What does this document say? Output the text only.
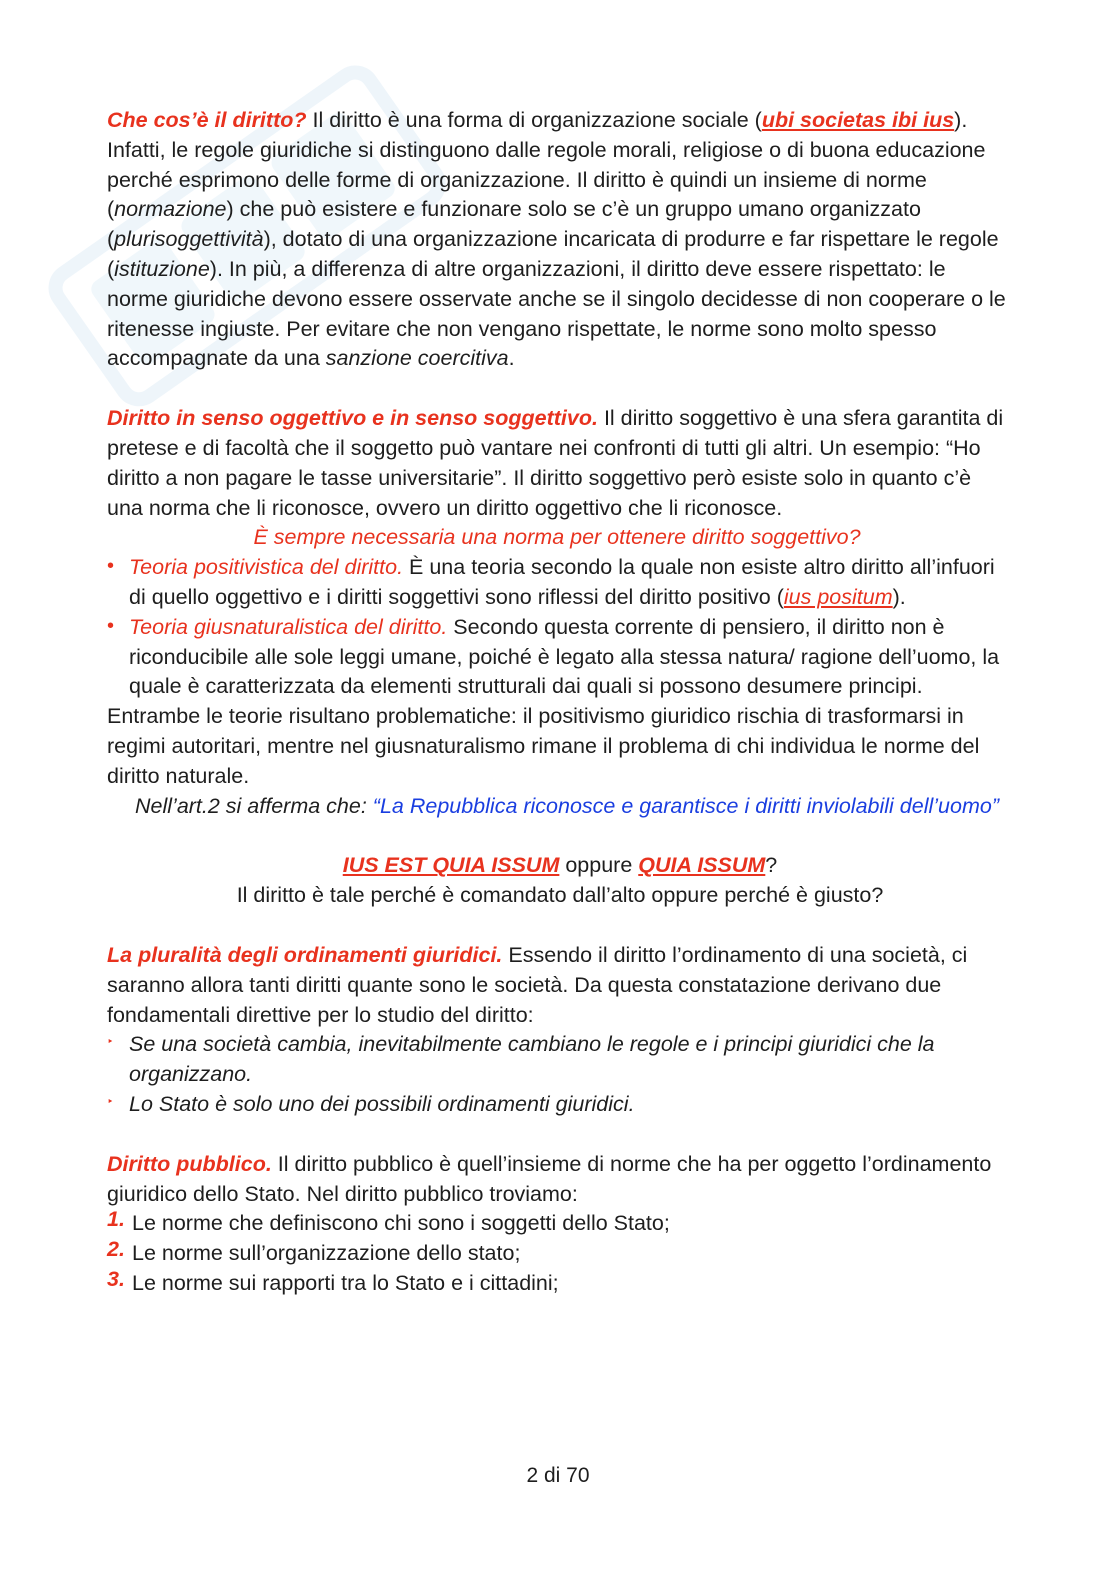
Che cos’è il diritto? Il diritto è una forma di organizzazione sociale (ubi societas ibi ius). Infatti, le regole giuridiche si distinguono dalle regole morali, religiose o di buona educazione perché esprimono delle forme di organizzazione. Il diritto è quindi un insieme di norme (normazione) che può esistere e funzionare solo se c’è un gruppo umano organizzato (plurisoggettività), dotato di una organizzazione incaricata di produrre e far rispettare le regole (istituzione). In più, a differenza di altre organizzazioni, il diritto deve essere rispettato: le norme giuridiche devono essere osservate anche se il singolo decidesse di non cooperare o le ritenesse ingiuste. Per evitare che non vengano rispettate, le norme sono molto spesso accompagnate da una sanzione coercitiva.

Diritto in senso oggettivo e in senso soggettivo. Il diritto soggettivo è una sfera garantita di pretese e di facoltà che il soggetto può vantare nei confronti di tutti gli altri. Un esempio: “Ho diritto a non pagare le tasse universitarie”. Il diritto soggettivo però esiste solo in quanto c’è una norma che li riconosce, ovvero un diritto oggettivo che li riconosce.

È sempre necessaria una norma per ottenere diritto soggettivo?

• Teoria positivistica del diritto. È una teoria secondo la quale non esiste altro diritto all’infuori di quello oggettivo e i diritti soggettivi sono riflessi del diritto positivo (ius positum).
• Teoria giusnaturalistica del diritto. Secondo questa corrente di pensiero, il diritto non è riconducibile alle sole leggi umane, poiché è legato alla stessa natura/ ragione dell’uomo, la quale è caratterizzata da elementi strutturali dai quali si possono desumere principi.

Entrambe le teorie risultano problematiche: il positivismo giuridico rischia di trasformarsi in regimi autoritari, mentre nel giusnaturalismo rimane il problema di chi individua le norme del diritto naturale.

Nell’art.2 si afferma che: “La Repubblica riconosce e garantisce i diritti inviolabili dell’uomo”

IUS EST QUIA ISSUM oppure QUIA ISSUM?

Il diritto è tale perché è comandato dall’alto oppure perché è giusto?

La pluralità degli ordinamenti giuridici. Essendo il diritto l’ordinamento di una società, ci saranno allora tanti diritti quante sono le società. Da questa constatazione derivano due fondamentali direttive per lo studio del diritto:

‣ Se una società cambia, inevitabilmente cambiano le regole e i principi giuridici che la organizzano.
‣ Lo Stato è solo uno dei possibili ordinamenti giuridici.

Diritto pubblico. Il diritto pubblico è quell’insieme di norme che ha per oggetto l’ordinamento giuridico dello Stato. Nel diritto pubblico troviamo:

1. Le norme che definiscono chi sono i soggetti dello Stato;
2. Le norme sull’organizzazione dello stato;
3. Le norme sui rapporti tra lo Stato e i cittadini;
2 di 70
